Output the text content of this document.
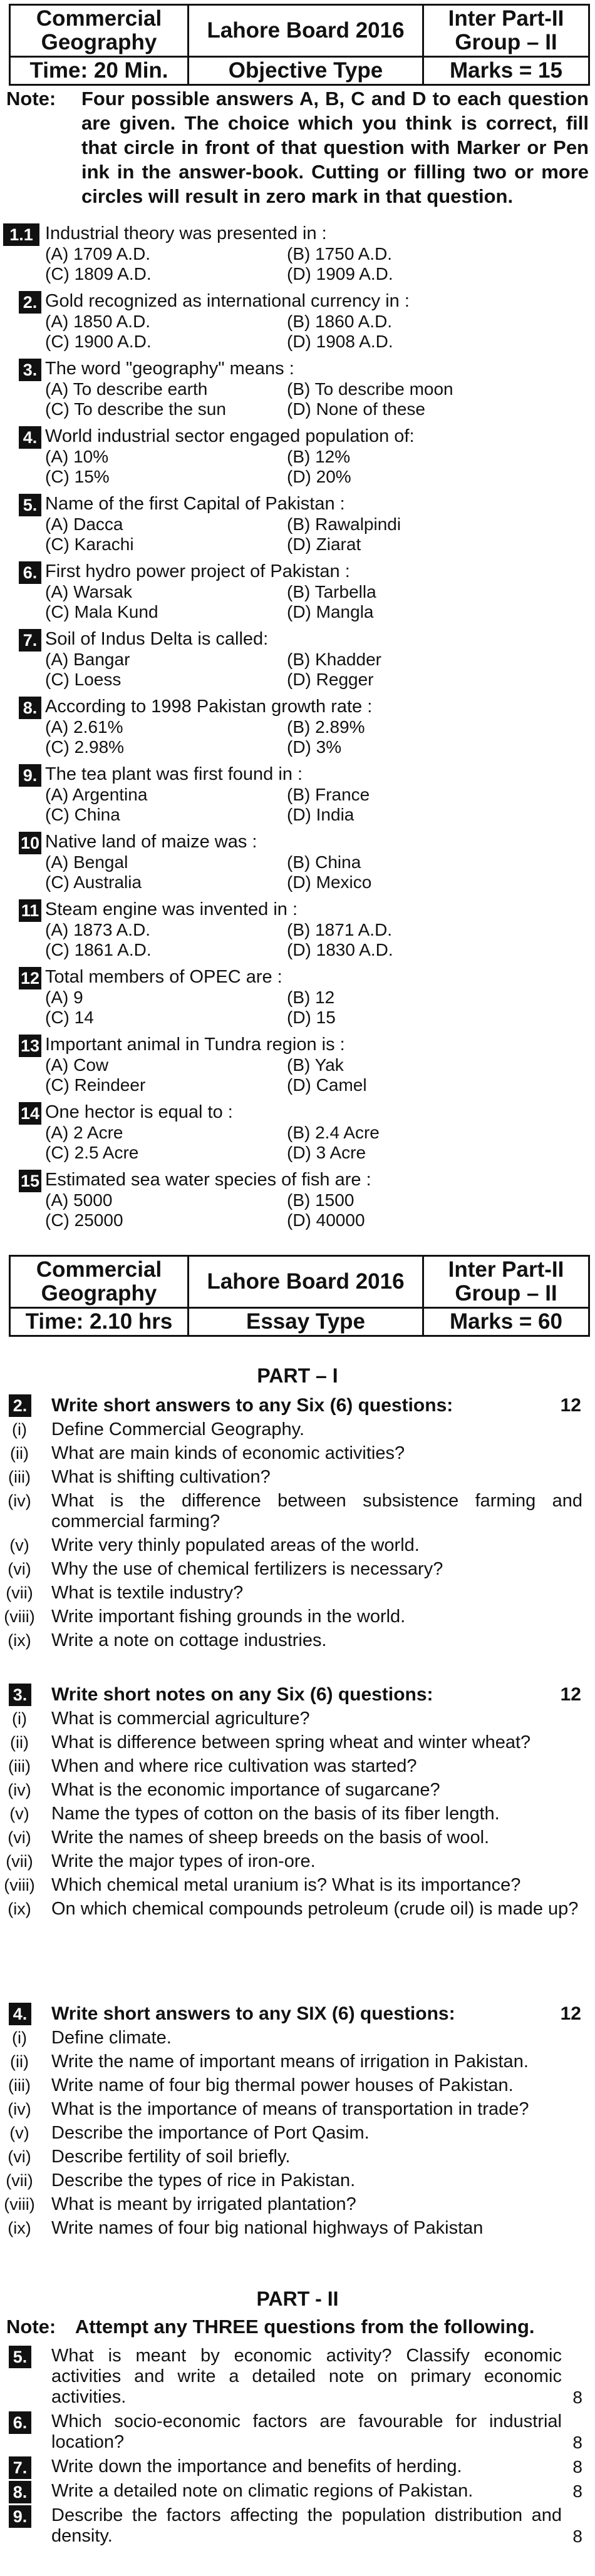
Commercial Geography	Lahore Board 2016	Inter Part-II Group – II
Time: 20 Min.	Objective Type	Marks = 15
Note: Four possible answers A, B, C and D to each question are given. The choice which you think is correct, fill that circle in front of that question with Marker or Pen ink in the answer-book. Cutting or filling two or more circles will result in zero mark in that question.
1.1 Industrial theory was presented in :
(A) 1709 A.D.	(B) 1750 A.D.
(C) 1809 A.D.	(D) 1909 A.D.
2. Gold recognized as international currency in :
(A) 1850 A.D.	(B) 1860 A.D.
(C) 1900 A.D.	(D) 1908 A.D.
3. The word "geography" means :
(A) To describe earth	(B) To describe moon
(C) To describe the sun	(D) None of these
4. World industrial sector engaged population of:
(A) 10%	(B) 12%
(C) 15%	(D) 20%
5. Name of the first Capital of Pakistan :
(A) Dacca	(B) Rawalpindi
(C) Karachi	(D) Ziarat
6. First hydro power project of Pakistan :
(A) Warsak	(B) Tarbella
(C) Mala Kund	(D) Mangla
7. Soil of Indus Delta is called:
(A) Bangar	(B) Khadder
(C) Loess	(D) Regger
8. According to 1998 Pakistan growth rate :
(A) 2.61%	(B) 2.89%
(C) 2.98%	(D) 3%
9. The tea plant was first found in :
(A) Argentina	(B) France
(C) China	(D) India
10 Native land of maize was :
(A) Bengal	(B) China
(C) Australia	(D) Mexico
11 Steam engine was invented in :
(A) 1873 A.D.	(B) 1871 A.D.
(C) 1861 A.D.	(D) 1830 A.D.
12 Total members of OPEC are :
(A) 9	(B) 12
(C) 14	(D) 15
13 Important animal in Tundra region is :
(A) Cow	(B) Yak
(C) Reindeer	(D) Camel
14 One hector is equal to :
(A) 2 Acre	(B) 2.4 Acre
(C) 2.5 Acre	(D) 3 Acre
15 Estimated sea water species of fish are :
(A) 5000	(B) 1500
(C) 25000	(D) 40000
Commercial Geography	Lahore Board 2016	Inter Part-II Group – II
Time: 2.10 hrs	Essay Type	Marks = 60
PART – I
2. Write short answers to any Six (6) questions:	12
(i)	Define Commercial Geography.
(ii)	What are main kinds of economic activities?
(iii)	What is shifting cultivation?
(iv)	What is the difference between subsistence farming and commercial farming?
(v)	Write very thinly populated areas of the world.
(vi)	Why the use of chemical fertilizers is necessary?
(vii) What is textile industry?
(viii) Write important fishing grounds in the world.
(ix)	Write a note on cottage industries.
3. Write short notes on any Six (6) questions:	12
(i)	What is commercial agriculture?
(ii)	What is difference between spring wheat and winter wheat?
(iii)	When and where rice cultivation was started?
(iv)	What is the economic importance of sugarcane?
(v)	Name the types of cotton on the basis of its fiber length.
(vi)	Write the names of sheep breeds on the basis of wool.
(vii) Write the major types of iron-ore.
(viii) Which chemical metal uranium is? What is its importance?
(ix)	On which chemical compounds petroleum (crude oil) is made up?
4. Write short answers to any SIX (6) questions:	12
(i)	Define climate.
(ii)	Write the name of important means of irrigation in Pakistan.
(iii)	Write name of four big thermal power houses of Pakistan.
(iv)	What is the importance of means of transportation in trade?
(v)	Describe the importance of Port Qasim.
(vi)	Describe fertility of soil briefly.
(vii) Describe the types of rice in Pakistan.
(viii) What is meant by irrigated plantation?
(ix)	Write names of four big national highways of Pakistan
PART - II
Note: Attempt any THREE questions from the following.
5. What is meant by economic activity? Classify economic activities and write a detailed note on primary economic activities.	8
6. Which socio-economic factors are favourable for industrial location?	8
7. Write down the importance and benefits of herding.	8
8. Write a detailed note on climatic regions of Pakistan.	8
9. Describe the factors affecting the population distribution and density.	8
